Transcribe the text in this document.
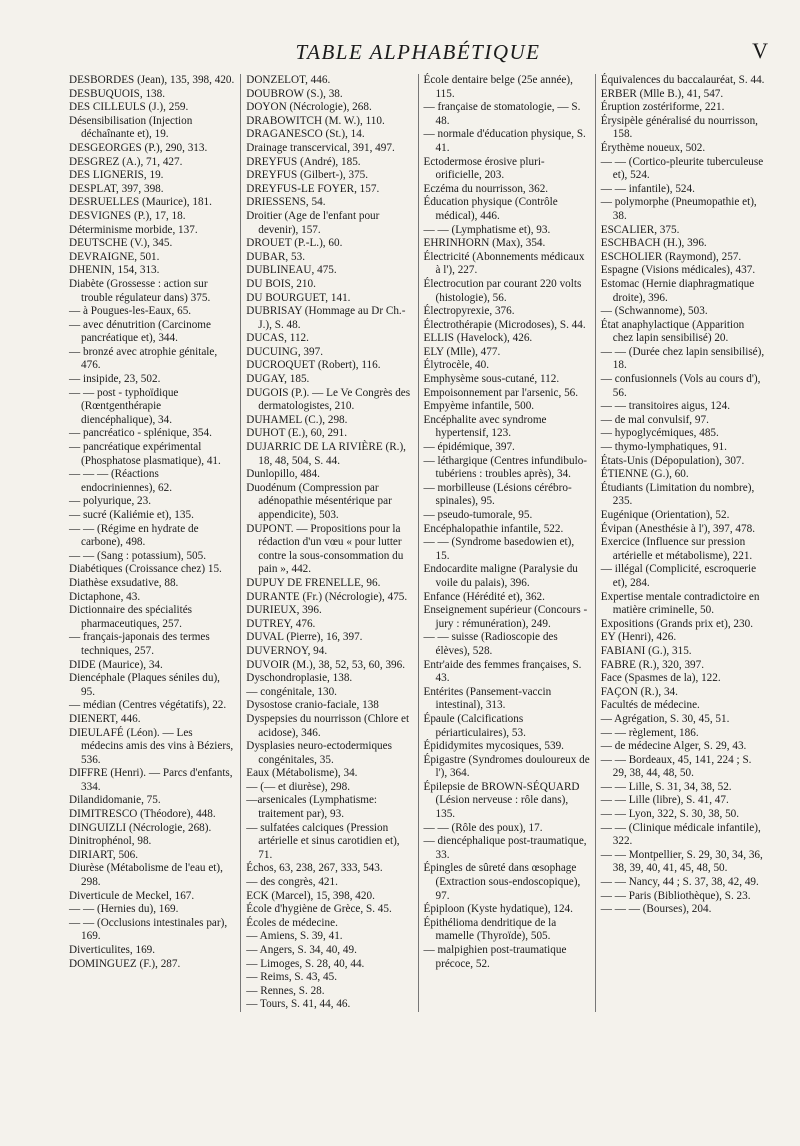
TABLE ALPHABÉTIQUE	V

DESBORDES (Jean), 135, 398, 420.

DESBUQUOIS, 138.

DES CILLEULS (J.), 259.

Désensibilisation (Injection déchaînante et), 19.

DESGEORGES (P.), 290, 313.

DESGREZ (A.), 71, 427.

DES LIGNERIS, 19.

DESPLAT, 397, 398.

DESRUELLES (Maurice), 181.

DESVIGNES (P.), 17, 18.

Déterminisme morbide, 137.

DEUTSCHE (V.), 345.

DEVRAIGNE, 501.

DHENIN, 154, 313.

Diabète (Grossesse : action sur trouble régulateur dans) 375.

— à Pougues-les-Eaux, 65.

— avec dénutrition (Carcinome pancréatique et), 344.

— bronzé avec atrophie génitale, 476.

— insipide, 23, 502.

— — post - typhoïdique (Rœntgenthérapie diencéphalique), 34.

— pancréatico - splénique, 354.

— pancréatique expérimental (Phosphatose plasmatique), 41.

— — — (Réactions endocriniennes), 62.

— polyurique, 23.

— sucré (Kaliémie et), 135.

— — (Régime en hydrate de carbone), 498.

— — (Sang : potassium), 505.

Diabétiques (Croissance chez) 15.

Diathèse exsudative, 88.

Dictaphone, 43.

Dictionnaire des spécialités pharmaceutiques, 257.

— français-japonais des termes techniques, 257.

DIDE (Maurice), 34.

Diencéphale (Plaques séniles du), 95.

— médian (Centres végétatifs), 22.

DIENERT, 446.

DIEULAFÉ (Léon). — Les médecins amis des vins à Béziers, 536.

DIFFRE (Henri). — Parcs d'enfants, 334.

Dilandidomanie, 75.

DIMITRESCO (Théodore), 448.

DINGUIZLI (Nécrologie, 268).

Dinitrophénol, 98.

DIRIART, 506.

Diurèse (Métabolisme de l'eau et), 298.

Diverticule de Meckel, 167.

— — (Hernies du), 169.

— — (Occlusions intestinales par), 169.

Diverticulites, 169.

DOMINGUEZ (F.), 287.

DONZELOT, 446.

DOUBROW (S.), 38.

DOYON (Nécrologie), 268.

DRABOWITCH (M. W.), 110.

DRAGANESCO (St.), 14.

Drainage transcervical, 391, 497.

DREYFUS (André), 185.

DREYFUS (Gilbert-), 375.

DREYFUS-LE FOYER, 157.

DRIESSENS, 54.

Droitier (Age de l'enfant pour devenir), 157.

DROUET (P.-L.), 60.

DUBAR, 53.

DUBLINEAU, 475.

DU BOIS, 210.

DU BOURGUET, 141.

DUBRISAY (Hommage au Dr Ch.-J.), S. 48.

DUCAS, 112.

DUCUING, 397.

DUCROQUET (Robert), 116.

DUGAY, 185.

DUGOIS (P.). — Le Ve Congrès des dermatologistes, 210.

DUHAMEL (C.), 298.

DUHOT (E.), 60, 291.

DUJARRIC DE LA RIVIÈRE (R.), 18, 48, 504, S. 44.

Dunlopillo, 484.

Duodénum (Compression par adénopathie mésentérique par appendicite), 503.

DUPONT. — Propositions pour la rédaction d'un vœu « pour lutter contre la sous-consommation du pain », 442.

DUPUY DE FRENELLE, 96.

DURANTE (Fr.) (Nécrologie), 475.

DURIEUX, 396.

DUTREY, 476.

DUVAL (Pierre), 16, 397.

DUVERNOY, 94.

DUVOIR (M.), 38, 52, 53, 60, 396.

Dyschondroplasie, 138.

— congénitale, 130.

Dysostose cranio-faciale, 138

Dyspepsies du nourrisson (Chlore et acidose), 346.

Dysplasies neuro-ectodermiques congénitales, 35.

Eaux (Métabolisme), 34.

— (— et diurèse), 298.

—arsenicales (Lymphatisme: traitement par), 93.

— sulfatées calciques (Pression artérielle et sinus carotidien et), 71.

Échos, 63, 238, 267, 333, 543.

— des congrès, 421.

ECK (Marcel), 15, 398, 420.

École d'hygiène de Grèce, S. 45.

Écoles de médecine.

— Amiens, S. 39, 41.

— Angers, S. 34, 40, 49.

— Limoges, S. 28, 40, 44.

— Reims, S. 43, 45.

— Rennes, S. 28.

— Tours, S. 41, 44, 46.

École dentaire belge (25e année), 115.

— française de stomatologie, — S. 48.

— normale d'éducation physique, S. 41.

Ectodermose érosive pluri-orificielle, 203.

Eczéma du nourrisson, 362.

Éducation physique (Contrôle médical), 446.

— — (Lymphatisme et), 93.

EHRINHORN (Max), 354.

Électricité (Abonnements médicaux à l'), 227.

Électrocution par courant 220 volts (histologie), 56.

Électropyrexie, 376.

Électrothérapie (Microdoses), S. 44.

ELLIS (Havelock), 426.

ELY (Mlle), 477.

Élytrocèle, 40.

Emphysème sous-cutané, 112.

Empoisonnement par l'arsenic, 56.

Empyème infantile, 500.

Encéphalite avec syndrome hypertensif, 123.

— épidémique, 397.

— léthargique (Centres infundibulo-tubériens : troubles après), 34.

— morbilleuse (Lésions cérébro-spinales), 95.

— pseudo-tumorale, 95.

Encéphalopathie infantile, 522.

— — (Syndrome basedowien et), 15.

Endocardite maligne (Paralysie du voile du palais), 396.

Enfance (Hérédité et), 362.

Enseignement supérieur (Concours - jury : rémunération), 249.

— — suisse (Radioscopie des élèves), 528.

Entr'aide des femmes françaises, S. 43.

Entérites (Pansement-vaccin intestinal), 313.

Épaule (Calcifications périarticulaires), 53.

Épididymites mycosiques, 539.

Épigastre (Syndromes douloureux de l'), 364.

Épilepsie de BROWN-SÉQUARD (Lésion nerveuse : rôle dans), 135.

— — (Rôle des poux), 17.

— diencéphalique post-traumatique, 33.

Épingles de sûreté dans œsophage (Extraction sous-endoscopique), 97.

Épiploon (Kyste hydatique), 124.

Épithélioma dendritique de la mamelle (Thyroïde), 505.

— malpighien post-traumatique précoce, 52.

Équivalences du baccalauréat, S. 44.

ERBER (Mlle B.), 41, 547.

Éruption zostériforme, 221.

Érysipèle généralisé du nourrisson, 158.

Érythème noueux, 502.

— — (Cortico-pleurite tuberculeuse et), 524.

— — infantile), 524.

— polymorphe (Pneumopathie et), 38.

ESCALIER, 375.

ESCHBACH (H.), 396.

ESCHOLIER (Raymond), 257.

Espagne (Visions médicales), 437.

Estomac (Hernie diaphragmatique droite), 396.

— (Schwannome), 503.

État anaphylactique (Apparition chez lapin sensibilisé) 20.

— — (Durée chez lapin sensibilisé), 18.

— confusionnels (Vols au cours d'), 56.

— — transitoires aigus, 124.

— de mal convulsif, 97.

— hypoglycémiques, 485.

— thymo-lymphatiques, 91.

États-Unis (Dépopulation), 307.

ÉTIENNE (G.), 60.

Étudiants (Limitation du nombre), 235.

Eugénique (Orientation), 52.

Évipan (Anesthésie à l'), 397, 478.

Exercice (Influence sur pression artérielle et métabolisme), 221.

— illégal (Complicité, escroquerie et), 284.

Expertise mentale contradictoire en matière criminelle, 50.

Expositions (Grands prix et), 230.

EY (Henri), 426.

FABIANI (G.), 315.

FABRE (R.), 320, 397.

Face (Spasmes de la), 122.

FAÇON (R.), 34.

Facultés de médecine.

— Agrégation, S. 30, 45, 51.

— — règlement, 186.

— de médecine Alger, S. 29, 43.

— — Bordeaux, 45, 141, 224 ; S. 29, 38, 44, 48, 50.

— — Lille, S. 31, 34, 38, 52.

— — Lille (libre), S. 41, 47.

— — Lyon, 322, S. 30, 38, 50.

— — (Clinique médicale infantile), 322.

— — Montpellier, S. 29, 30, 34, 36, 38, 39, 40, 41, 45, 48, 50.

— — Nancy, 44 ; S. 37, 38, 42, 49.

— — Paris (Bibliothèque), S. 23.

— — — (Bourses), 204.
